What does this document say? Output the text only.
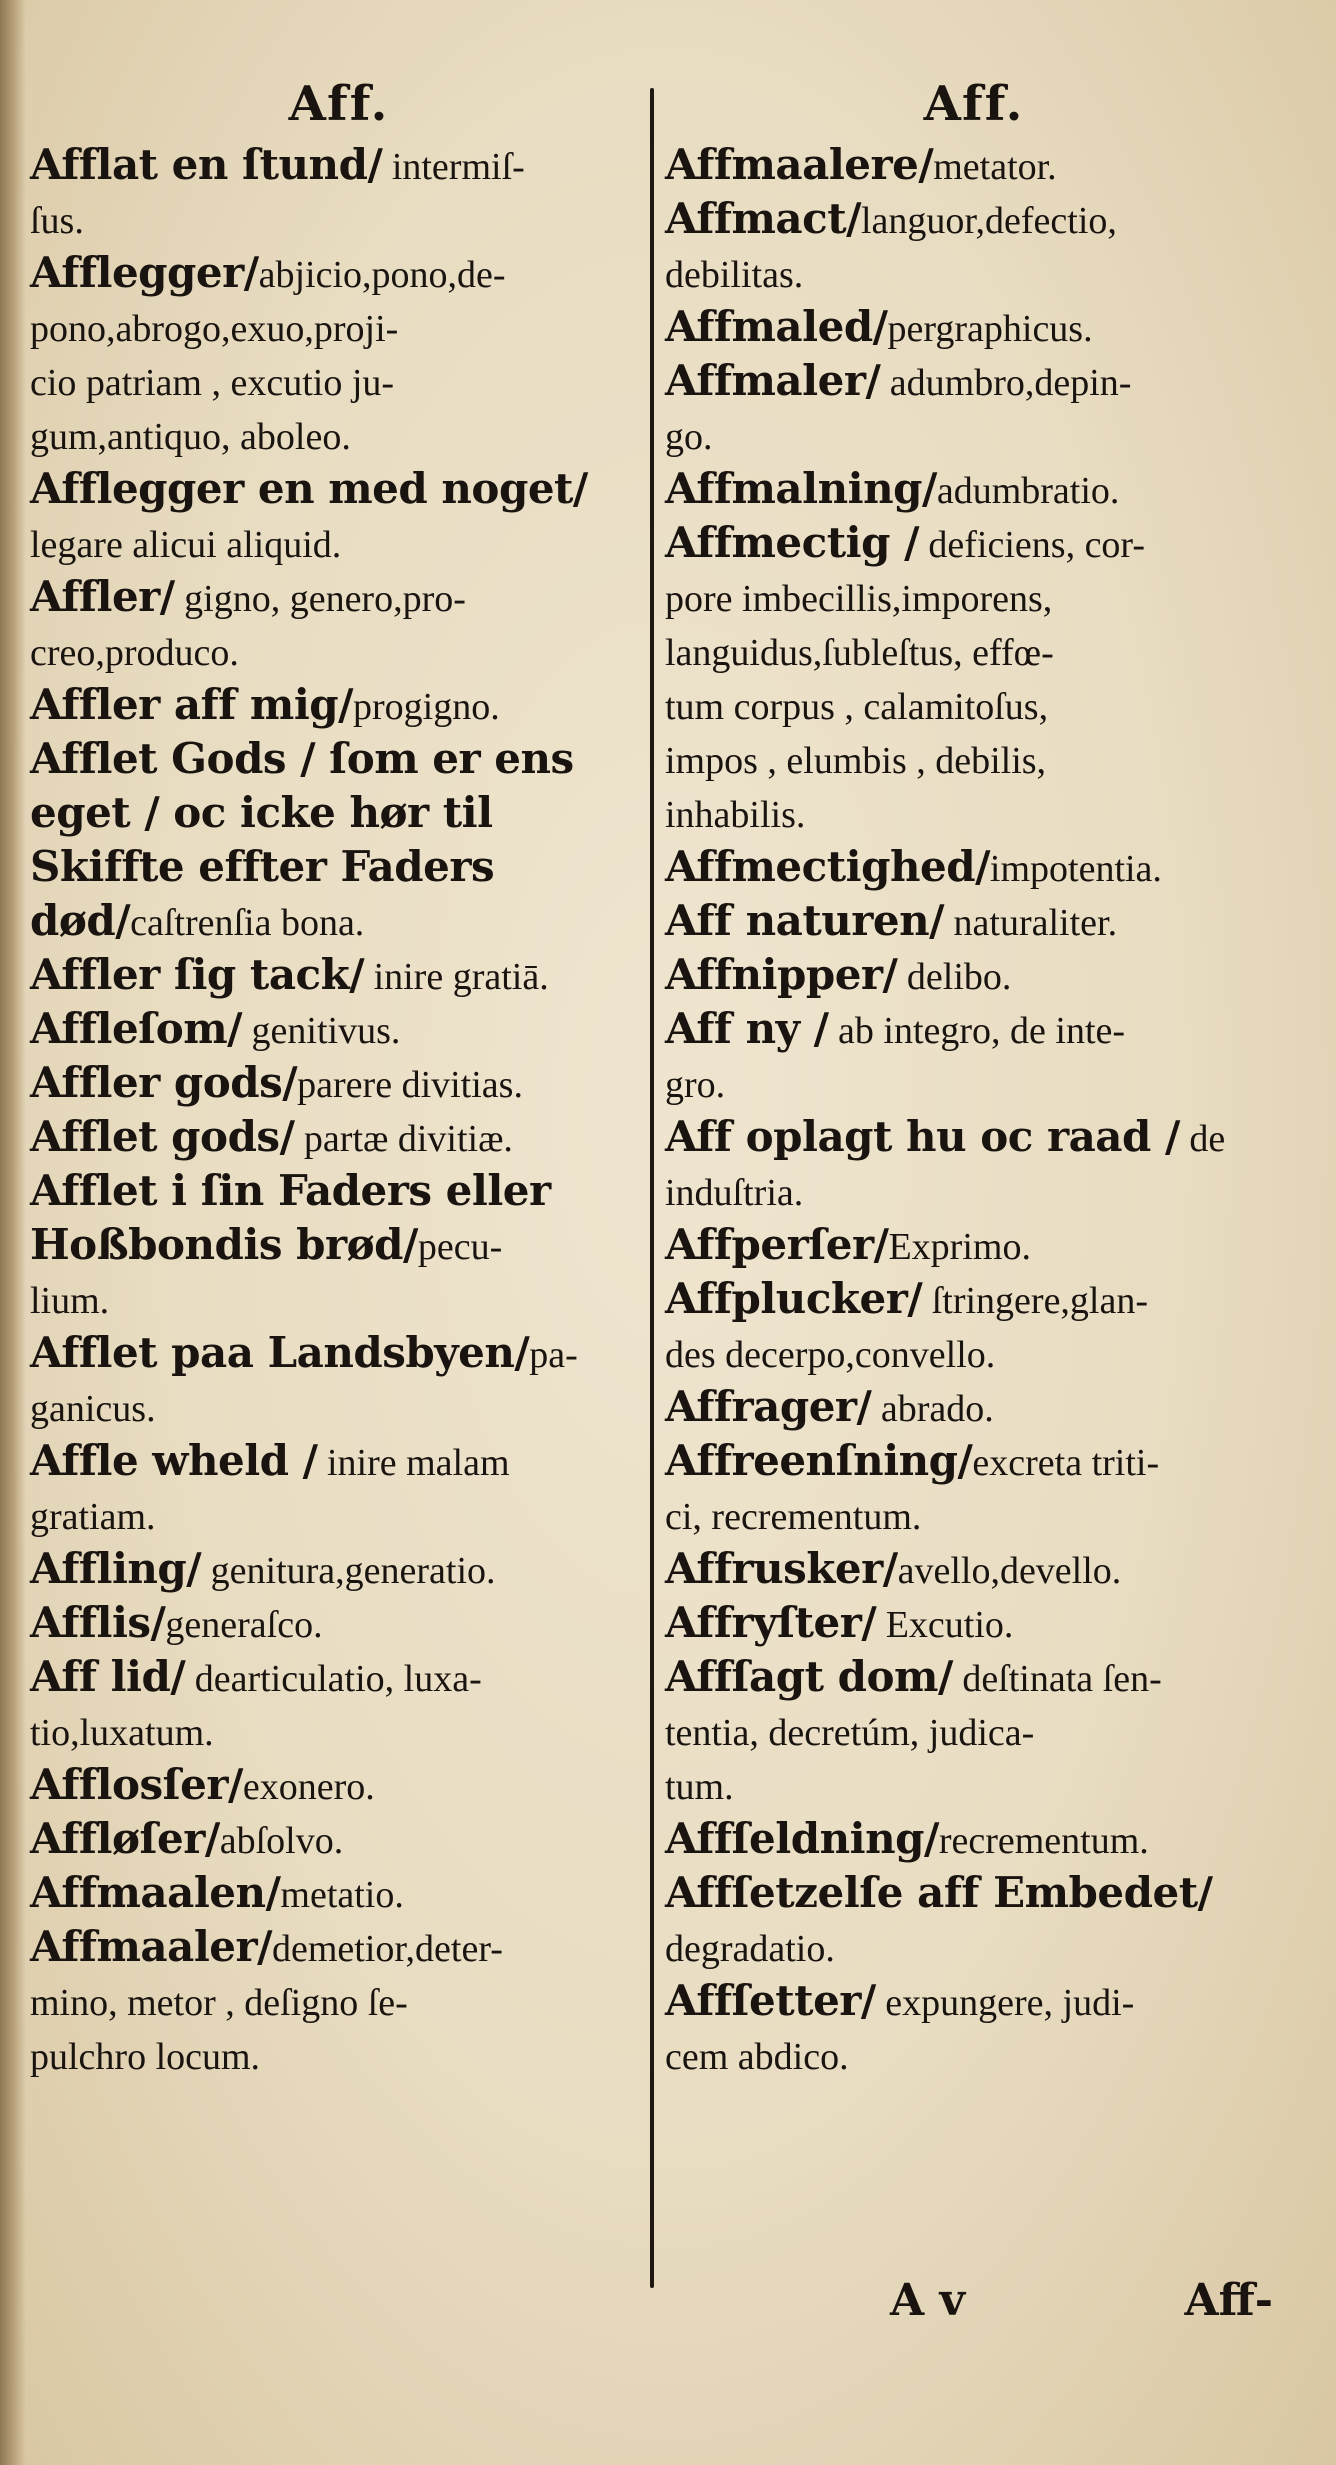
Aff.
Afflat en ſtund/ intermiſ-
ſus.
Afflegger/abjicio,pono,de-
pono,abrogo,exuo,proji-
cio patriam , excutio ju-
gum,antiquo, aboleo.
Afflegger en med noget/
legare alicui aliquid.
Affler/ gigno, genero,pro-
creo,produco.
Affler aff mig/progigno.
Afflet Gods / ſom er ens
eget / oc icke hør til
Skiffte effter Faders
død/caſtrenſia bona.
Affler ſig tack/ inire gratiā.
Affleſom/ genitivus.
Affler gods/parere divitias.
Afflet gods/ partæ divitiæ.
Afflet i ſin Faders eller
Hoßbondis brød/pecu-
lium.
Afflet paa Landsbyen/pa-
ganicus.
Affle wheld / inire malam
gratiam.
Affling/ genitura,generatio.
Afflis/generaſco.
Aff lid/ dearticulatio, luxa-
tio,luxatum.
Afflosſer/exonero.
Affløſer/abſolvo.
Affmaalen/metatio.
Affmaaler/demetior,deter-
mino, metor , deſigno ſe-
pulchro locum.
Aff.
Affmaalere/metator.
Affmact/languor,defectio,
debilitas.
Affmaled/pergraphicus.
Affmaler/ adumbro,depin-
go.
Affmalning/adumbratio.
Affmectig / deficiens, cor-
pore imbecillis,imporens,
languidus,ſubleſtus, effœ-
tum corpus , calamitoſus,
impos , elumbis , debilis,
inhabilis.
Affmectighed/impotentia.
Aff naturen/ naturaliter.
Affnipper/ delibo.
Aff ny / ab integro, de inte-
gro.
Aff oplagt hu oc raad / de
induſtria.
Affperſer/Exprimo.
Affplucker/ ſtringere,glan-
des decerpo,convello.
Affrager/ abrado.
Affreenſning/excreta triti-
ci, recrementum.
Affrusker/avello,devello.
Affryſter/ Excutio.
Affſagt dom/ deſtinata ſen-
tentia, decretúm, judica-
tum.
Affſeldning/recrementum.
Affſetzelſe aff Embedet/
degradatio.
Affſetter/ expungere, judi-
cem abdico.
A v	Aff-
